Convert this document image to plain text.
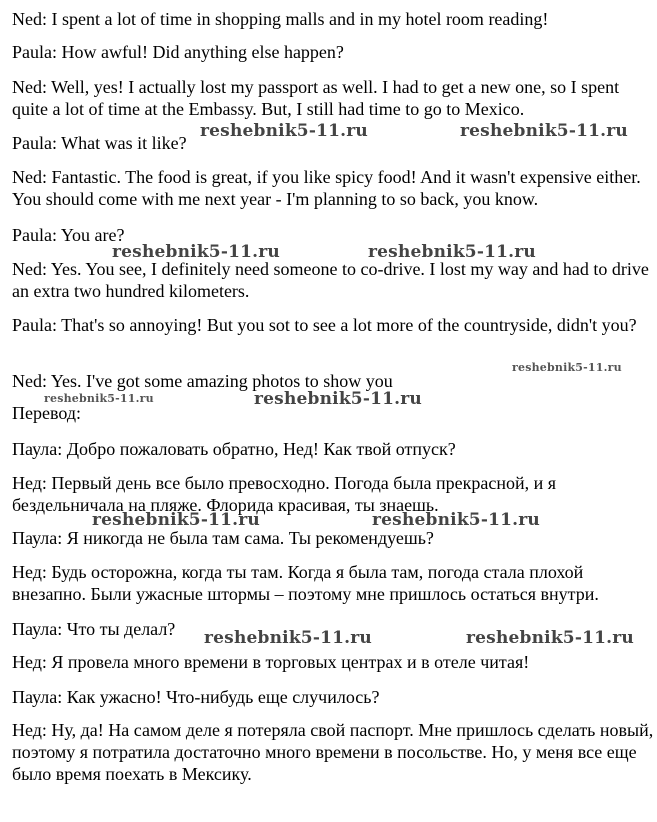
Ned: I spent a lot of time in shopping malls and in my hotel room reading!

Paula: How awful! Did anything else happen?

Ned: Well, yes! I actually lost my passport as well. I had to get a new one, so I spent quite a lot of time at the Embassy. But, I still had time to go to Mexico.

Paula: What was it like?

Ned: Fantastic. The food is great, if you like spicy food! And it wasn't expensive either. You should come with me next year - I'm planning to so back, you know.

Paula: You are?

Ned: Yes. You see, I definitely need someone to co-drive. I lost my way and had to drive an extra two hundred kilometers.

Paula: That's so annoying! But you sot to see a lot more of the countryside, didn't you?

Ned: Yes. I've got some amazing photos to show you

Перевод:

Паула: Добро пожаловать обратно, Нед! Как твой отпуск?

Нед: Первый день все было превосходно. Погода была прекрасной, и я бездельничала на пляже. Флорида красивая, ты знаешь.

Паула: Я никогда не была там сама. Ты рекомендуешь?

Нед: Будь осторожна, когда ты там. Когда я была там, погода стала плохой внезапно. Были ужасные штормы – поэтому мне пришлось остаться внутри.

Паула: Что ты делал?

Нед: Я провела много времени в торговых центрах и в отеле читая!

Паула: Как ужасно! Что-нибудь еще случилось?

Нед: Ну, да! На самом деле я потеряла свой паспорт. Мне пришлось сделать новый, поэтому я потратила достаточно много времени в посольстве. Но, у меня все еще было время поехать в Мексику.

reshebnik5-11.ru	reshebnik5-11.ru
reshebnik5-11.ru	reshebnik5-11.ru
reshebnik5-11.ru
reshebnik5-11.ru	reshebnik5-11.ru
reshebnik5-11.ru	reshebnik5-11.ru
reshebnik5-11.ru	reshebnik5-11.ru
